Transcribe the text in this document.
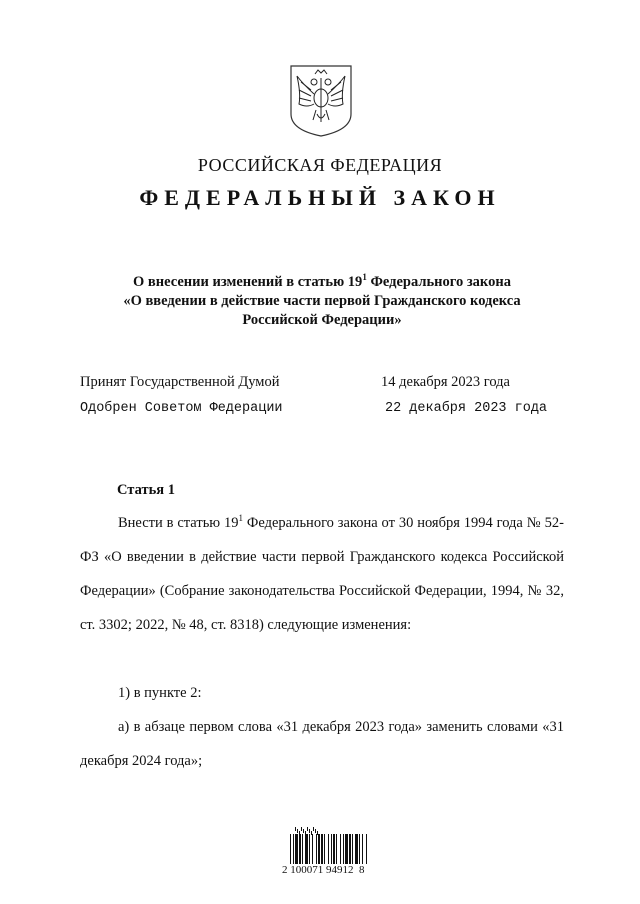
РОССИЙСКАЯ ФЕДЕРАЦИЯ
ФЕДЕРАЛЬНЫЙ ЗАКОН
О внесении изменений в статью $19^1$ Федерального закона
«О введении в действие части первой Гражданского кодекса
Российской Федерации»
Принят Государственной Думой	14 декабря 2023 года
Одобрен Советом Федерации	22 декабря 2023 года
Статья 1
Внести в статью $19^1$ Федерального закона от 30 ноября 1994 года № 52-ФЗ «О введении в действие части первой Гражданского кодекса Российской Федерации» (Собрание законодательства Российской Федерации, 1994, № 32, ст. 3302; 2022, № 48, ст. 8318) следующие изменения:
1) в пункте 2:
а) в абзаце первом слова «31 декабря 2023 года» заменить словами «31 декабря 2024 года»;
2 100071 94912  8
